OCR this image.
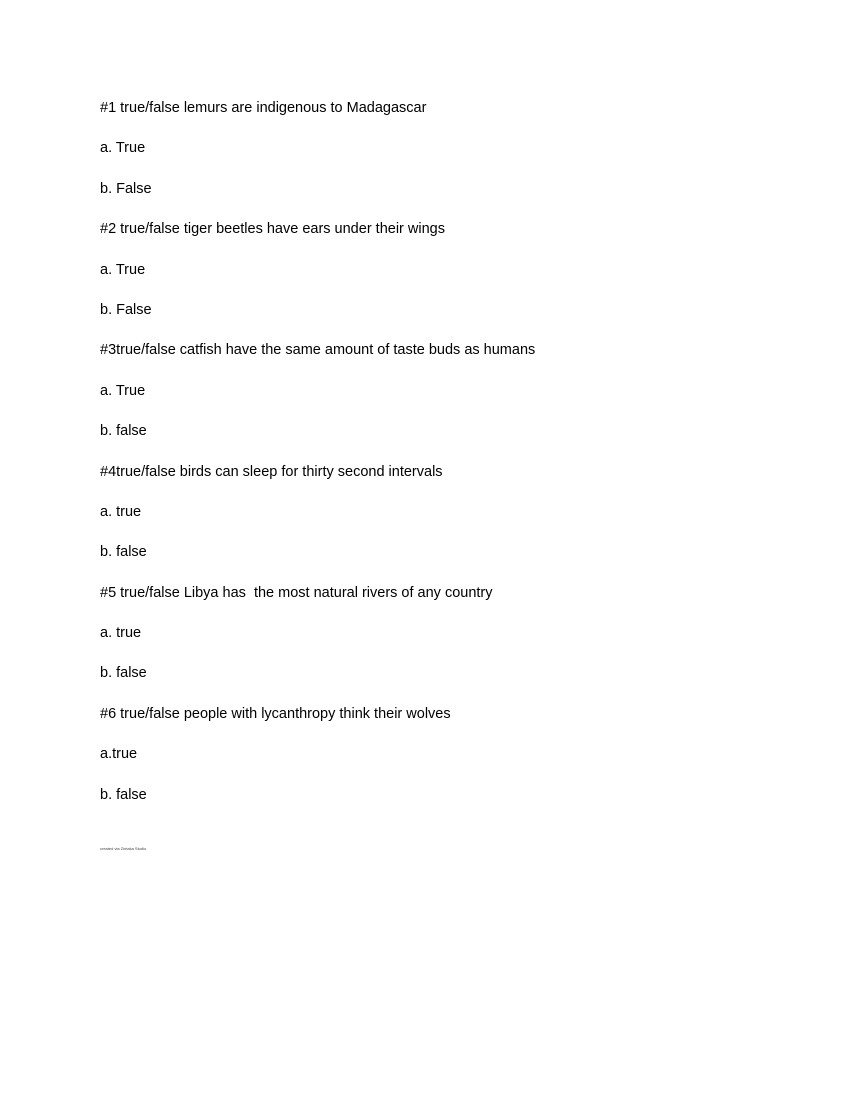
#1 true/false lemurs are indigenous to Madagascar
a. True
b. False
#2 true/false tiger beetles have ears under their wings
a. True
b. False
#3true/false catfish have the same amount of taste buds as humans
a. True
b. false
#4true/false birds can sleep for thirty second intervals
a. true
b. false
#5 true/false Libya has  the most natural rivers of any country
a. true
b. false
#6 true/false people with lycanthropy think their wolves
a.true
b. false
created via Zintaka Studio
